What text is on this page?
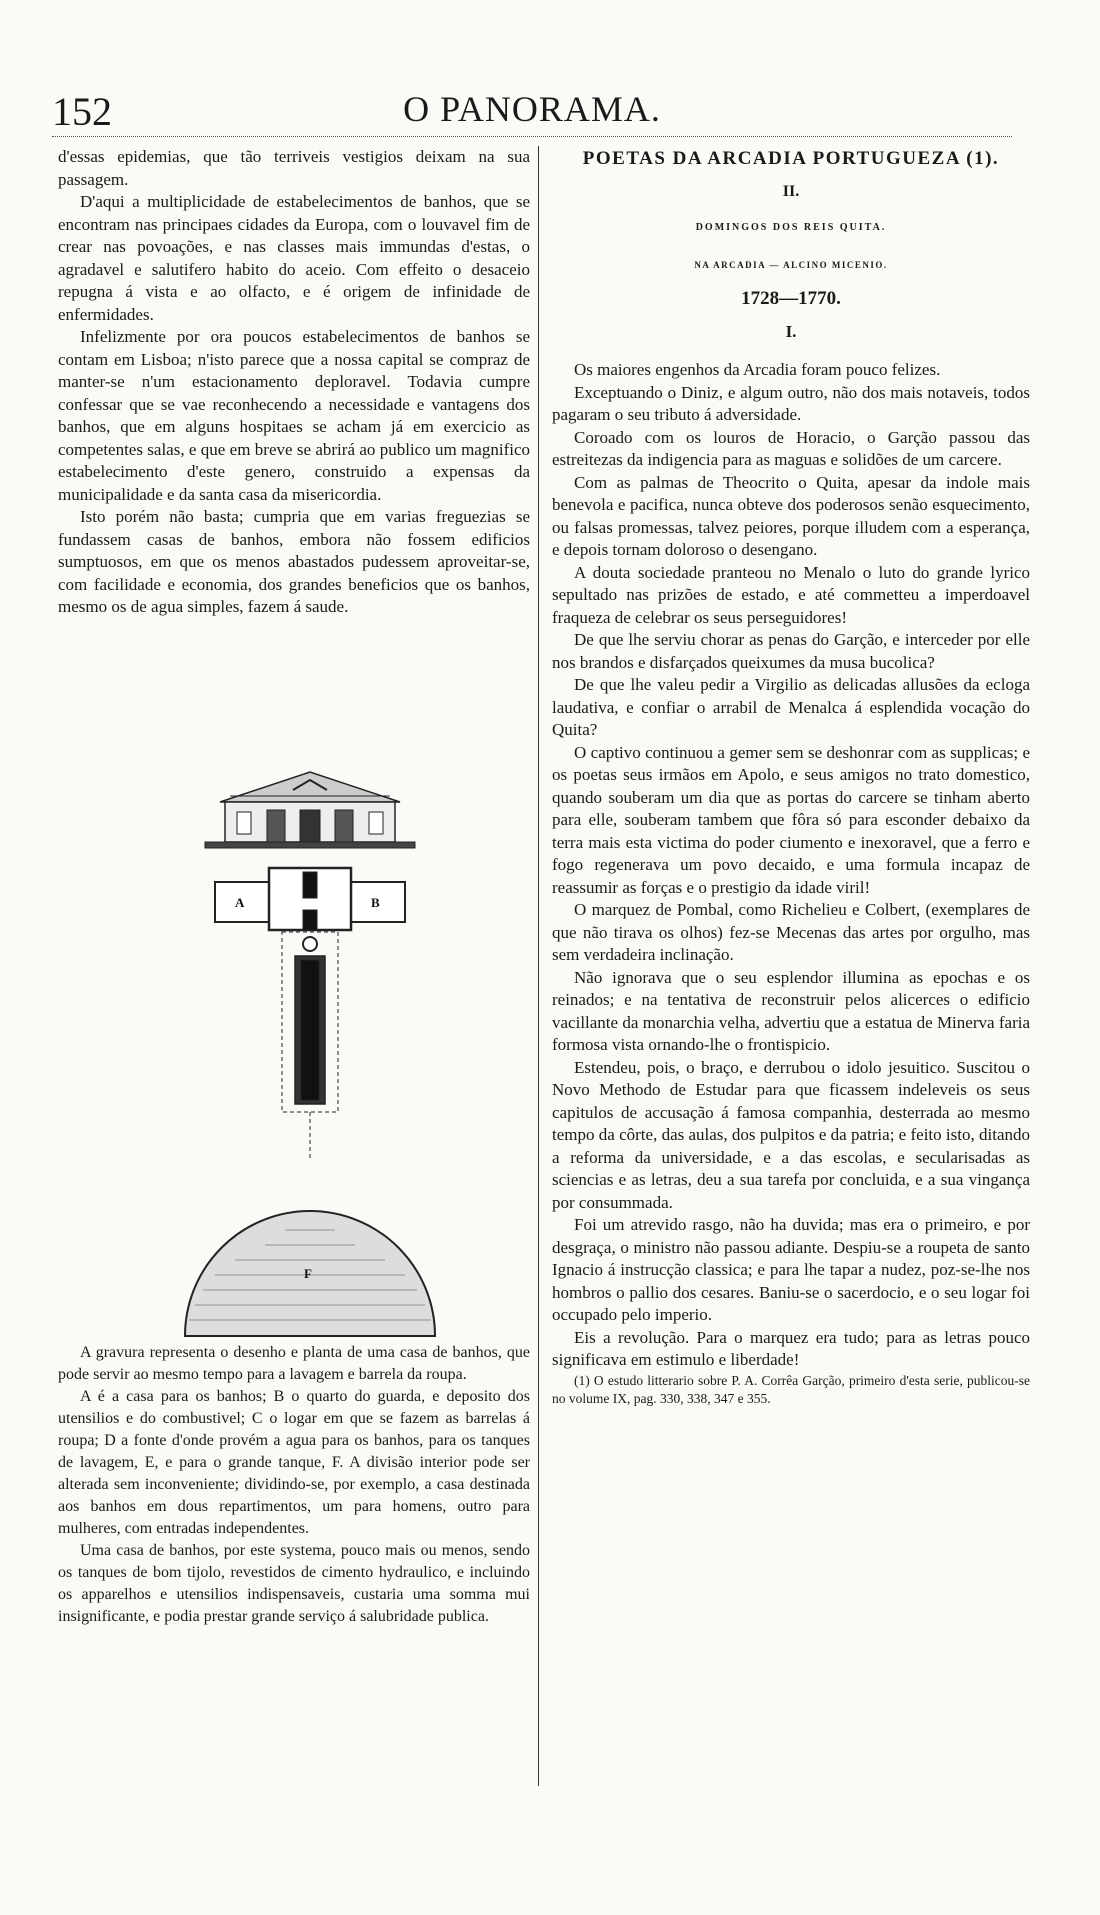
152	O PANORAMA.

d'essas epidemias, que tão terriveis vestigios deixam na sua passagem.

D'aqui a multiplicidade de estabelecimentos de banhos, que se encontram nas principaes cidades da Europa, com o louvavel fim de crear nas povoações, e nas classes mais immundas d'estas, o agradavel e salutifero habito do aceio. Com effeito o desaceio repugna á vista e ao olfacto, e é origem de infinidade de enfermidades.

Infelizmente por ora poucos estabelecimentos de banhos se contam em Lisboa; n'isto parece que a nossa capital se compraz de manter-se n'um estacionamento deploravel. Todavia cumpre confessar que se vae reconhecendo a necessidade e vantagens dos banhos, que em alguns hospitaes se acham já em exercicio as competentes salas, e que em breve se abrirá ao publico um magnifico estabelecimento d'este genero, construido a expensas da municipalidade e da santa casa da misericordia.

Isto porém não basta; cumpria que em varias freguezias se fundassem casas de banhos, embora não fossem edificios sumptuosos, em que os menos abastados pudessem aproveitar-se, com facilidade e economia, dos grandes beneficios que os banhos, mesmo os de agua simples, fazem á saude.

A	B
C
F

A gravura representa o desenho e planta de uma casa de banhos, que pode servir ao mesmo tempo para a lavagem e barrela da roupa.

A é a casa para os banhos; B o quarto do guarda, e deposito dos utensilios e do combustivel; C o logar em que se fazem as barrelas á roupa; D a fonte d'onde provém a agua para os banhos, para os tanques de lavagem, E, e para o grande tanque, F. A divisão interior pode ser alterada sem inconveniente; dividindo-se, por exemplo, a casa destinada aos banhos em dous repartimentos, um para homens, outro para mulheres, com entradas independentes.

Uma casa de banhos, por este systema, pouco mais ou menos, sendo os tanques de bom tijolo, revestidos de cimento hydraulico, e incluindo os apparelhos e utensilios indispensaveis, custaria uma somma mui insignificante, e podia prestar grande serviço á salubridade publica.

POETAS DA ARCADIA PORTUGUEZA (1).
II.
DOMINGOS DOS REIS QUITA.
NA ARCADIA — ALCINO MICENIO.
1728—1770.
I.

Os maiores engenhos da Arcadia foram pouco felizes.

Exceptuando o Diniz, e algum outro, não dos mais notaveis, todos pagaram o seu tributo á adversidade.

Coroado com os louros de Horacio, o Garção passou das estreitezas da indigencia para as maguas e solidões de um carcere.

Com as palmas de Theocrito o Quita, apesar da indole mais benevola e pacifica, nunca obteve dos poderosos senão esquecimento, ou falsas promessas, talvez peiores, porque illudem com a esperança, e depois tornam doloroso o desengano.

A douta sociedade pranteou no Menalo o luto do grande lyrico sepultado nas prizões de estado, e até commetteu a imperdoavel fraqueza de celebrar os seus perseguidores!

De que lhe serviu chorar as penas do Garção, e interceder por elle nos brandos e disfarçados queixumes da musa bucolica?

De que lhe valeu pedir a Virgilio as delicadas allusões da ecloga laudativa, e confiar o arrabil de Menalca á esplendida vocação do Quita?

O captivo continuou a gemer sem se deshonrar com as supplicas; e os poetas seus irmãos em Apolo, e seus amigos no trato domestico, quando souberam um dia que as portas do carcere se tinham aberto para elle, souberam tambem que fôra só para esconder debaixo da terra mais esta victima do poder ciumento e inexoravel, que a ferro e fogo regenerava um povo decaido, e uma formula incapaz de reassumir as forças e o prestigio da idade viril!

O marquez de Pombal, como Richelieu e Colbert, (exemplares de que não tirava os olhos) fez-se Mecenas das artes por orgulho, mas sem verdadeira inclinação.

Não ignorava que o seu esplendor illumina as epochas e os reinados; e na tentativa de reconstruir pelos alicerces o edificio vacillante da monarchia velha, advertiu que a estatua de Minerva faria formosa vista ornando-lhe o frontispicio.

Estendeu, pois, o braço, e derrubou o idolo jesuitico. Suscitou o Novo Methodo de Estudar para que ficassem indeleveis os seus capitulos de accusação á famosa companhia, desterrada ao mesmo tempo da côrte, das aulas, dos pulpitos e da patria; e feito isto, ditando a reforma da universidade, e a das escolas, e secularisadas as sciencias e as letras, deu a sua tarefa por concluida, e a sua vingança por consummada.

Foi um atrevido rasgo, não ha duvida; mas era o primeiro, e por desgraça, o ministro não passou adiante. Despiu-se a roupeta de santo Ignacio á instrucção classica; e para lhe tapar a nudez, poz-se-lhe nos hombros o pallio dos cesares. Baniu-se o sacerdocio, e o seu logar foi occupado pelo imperio.

Eis a revolução. Para o marquez era tudo; para as letras pouco significava em estimulo e liberdade!

(1) O estudo litterario sobre P. A. Corrêa Garção, primeiro d'esta serie, publicou-se no volume IX, pag. 330, 338, 347 e 355.
